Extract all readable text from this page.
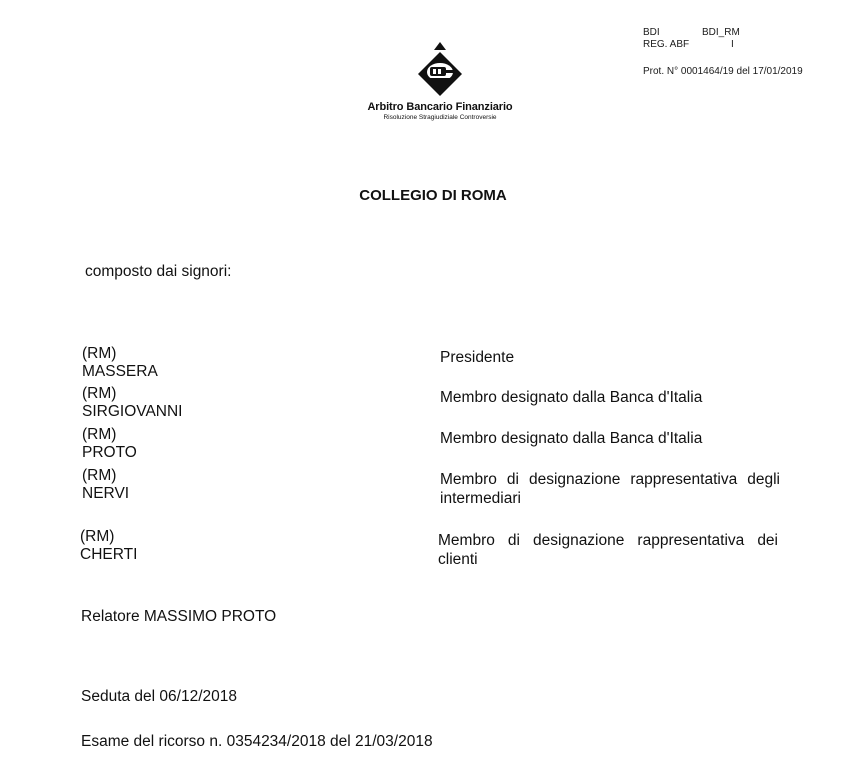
BDI	BDI_RM
REG. ABF	I
Prot. N° 0001464/19 del 17/01/2019
Arbitro Bancario Finanziario
Risoluzione Stragiudiziale Controversie
COLLEGIO DI ROMA
composto dai signori:
(RM) MASSERA
Presidente
(RM) SIRGIOVANNI
Membro designato dalla Banca d'Italia
(RM) PROTO
Membro designato dalla Banca d'Italia
(RM) NERVI
Membro di designazione rappresentativa degli intermediari
(RM) CHERTI
Membro di designazione rappresentativa dei clienti
Relatore MASSIMO PROTO
Seduta del 06/12/2018
Esame del ricorso n. 0354234/2018 del 21/03/2018
